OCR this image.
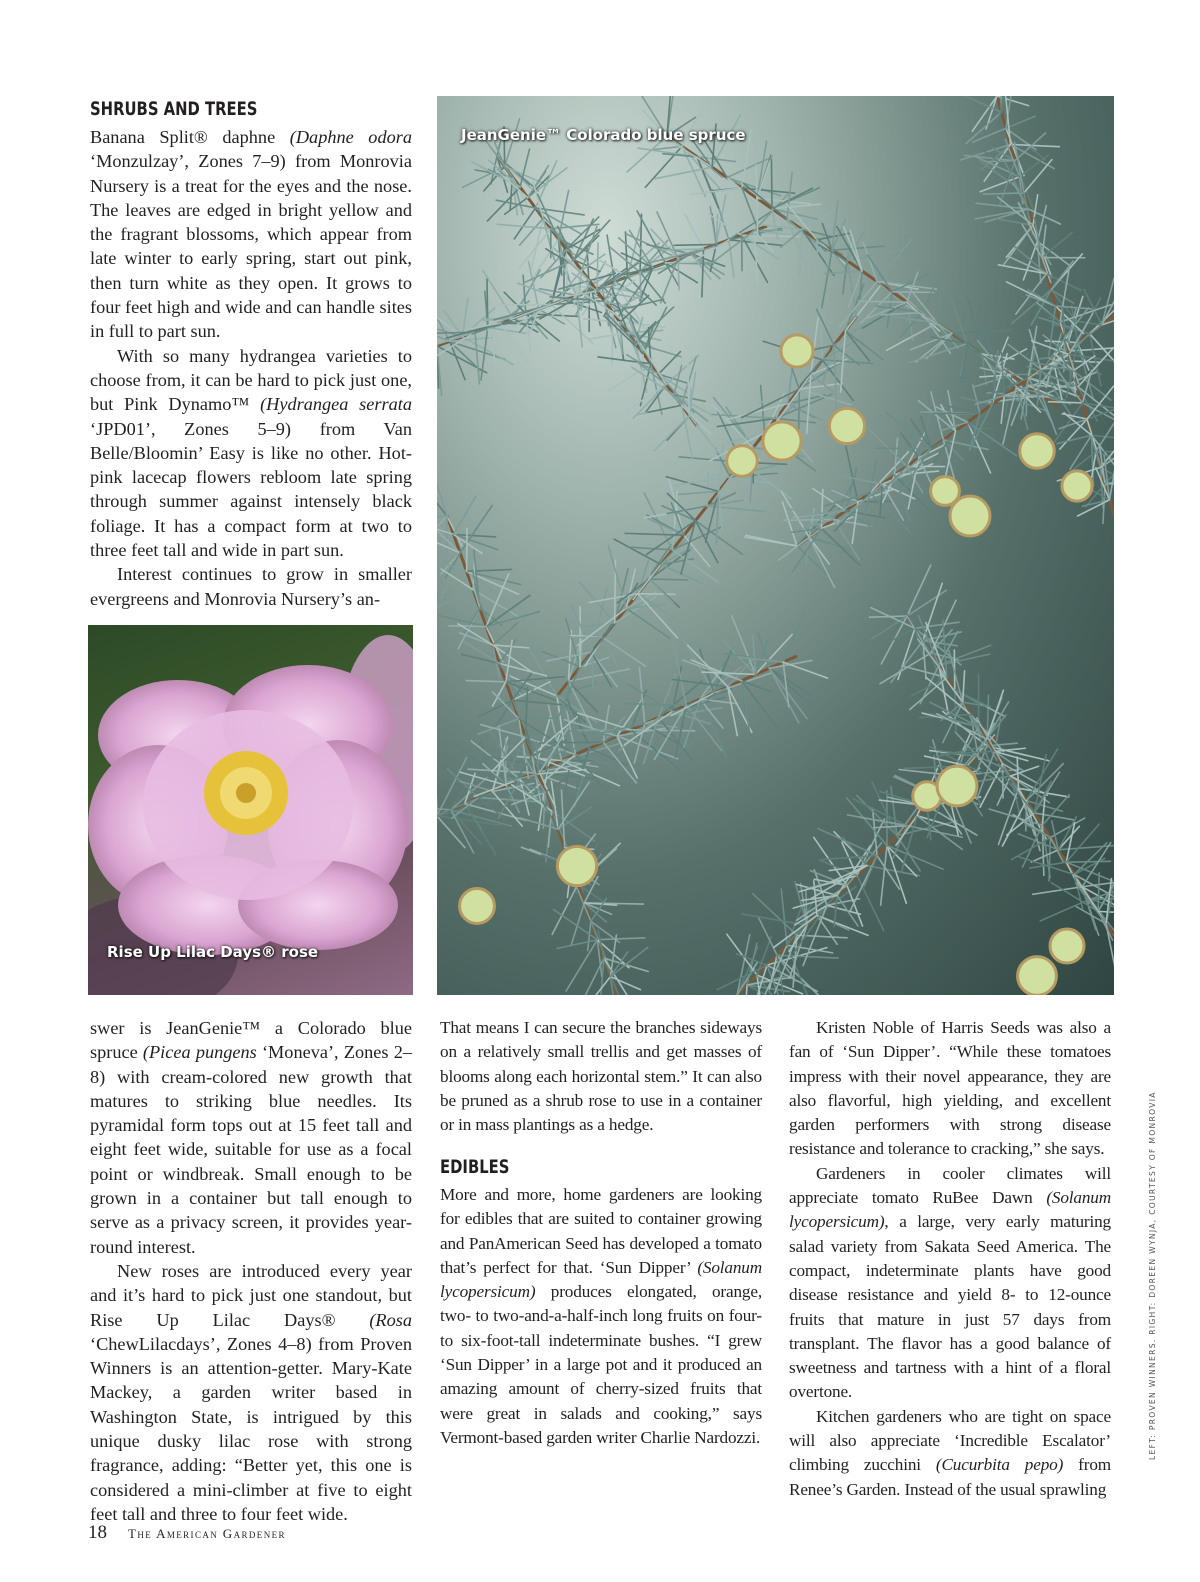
SHRUBS AND TREES

Banana Split® daphne (Daphne odora ‘Monzulzay’, Zones 7–9) from Monrovia Nursery is a treat for the eyes and the nose. The leaves are edged in bright yellow and the fragrant blossoms, which appear from late winter to early spring, start out pink, then turn white as they open. It grows to four feet high and wide and can handle sites in full to part sun.

With so many hydrangea varieties to choose from, it can be hard to pick just one, but Pink Dynamo™ (Hydrangea serrata ‘JPD01’, Zones 5–9) from Van Belle/Bloomin’ Easy is like no other. Hot-pink lacecap flowers rebloom late spring through summer against intensely black foliage. It has a compact form at two to three feet tall and wide in part sun.

Interest continues to grow in smaller evergreens and Monrovia Nursery’s an-

JeanGenie™ Colorado blue spruce
Rise Up Lilac Days® rose

swer is JeanGenie™ a Colorado blue spruce (Picea pungens ‘Moneva’, Zones 2–8) with cream-colored new growth that matures to striking blue needles. Its pyramidal form tops out at 15 feet tall and eight feet wide, suitable for use as a focal point or windbreak. Small enough to be grown in a container but tall enough to serve as a privacy screen, it provides year-round interest.

New roses are introduced every year and it’s hard to pick just one standout, but Rise Up Lilac Days® (Rosa ‘ChewLilacdays’, Zones 4–8) from Proven Winners is an attention-getter. Mary-Kate Mackey, a garden writer based in Washington State, is intrigued by this unique dusky lilac rose with strong fragrance, adding: “Better yet, this one is considered a mini-climber at five to eight feet tall and three to four feet wide.

That means I can secure the branches sideways on a relatively small trellis and get masses of blooms along each horizontal stem.” It can also be pruned as a shrub rose to use in a container or in mass plantings as a hedge.

EDIBLES

More and more, home gardeners are looking for edibles that are suited to container growing and PanAmerican Seed has developed a tomato that’s perfect for that. ‘Sun Dipper’ (Solanum lycopersicum) produces elongated, orange, two- to two-and-a-half-inch long fruits on four-to six-foot-tall indeterminate bushes. “I grew ‘Sun Dipper’ in a large pot and it produced an amazing amount of cherry-sized fruits that were great in salads and cooking,” says Vermont-based garden writer Charlie Nardozzi.

Kristen Noble of Harris Seeds was also a fan of ‘Sun Dipper’. “While these tomatoes impress with their novel appearance, they are also flavorful, high yielding, and excellent garden performers with strong disease resistance and tolerance to cracking,” she says.

Gardeners in cooler climates will appreciate tomato RuBee Dawn (Solanum lycopersicum), a large, very early maturing salad variety from Sakata Seed America. The compact, indeterminate plants have good disease resistance and yield 8- to 12-ounce fruits that mature in just 57 days from transplant. The flavor has a good balance of sweetness and tartness with a hint of a floral overtone.

Kitchen gardeners who are tight on space will also appreciate ‘Incredible Escalator’ climbing zucchini (Cucurbita pepo) from Renee’s Garden. Instead of the usual sprawling

LEFT: PROVEN WINNERS. RIGHT: DOREEN WYNJA, COURTESY OF MONROVIA
18 The American Gardener
